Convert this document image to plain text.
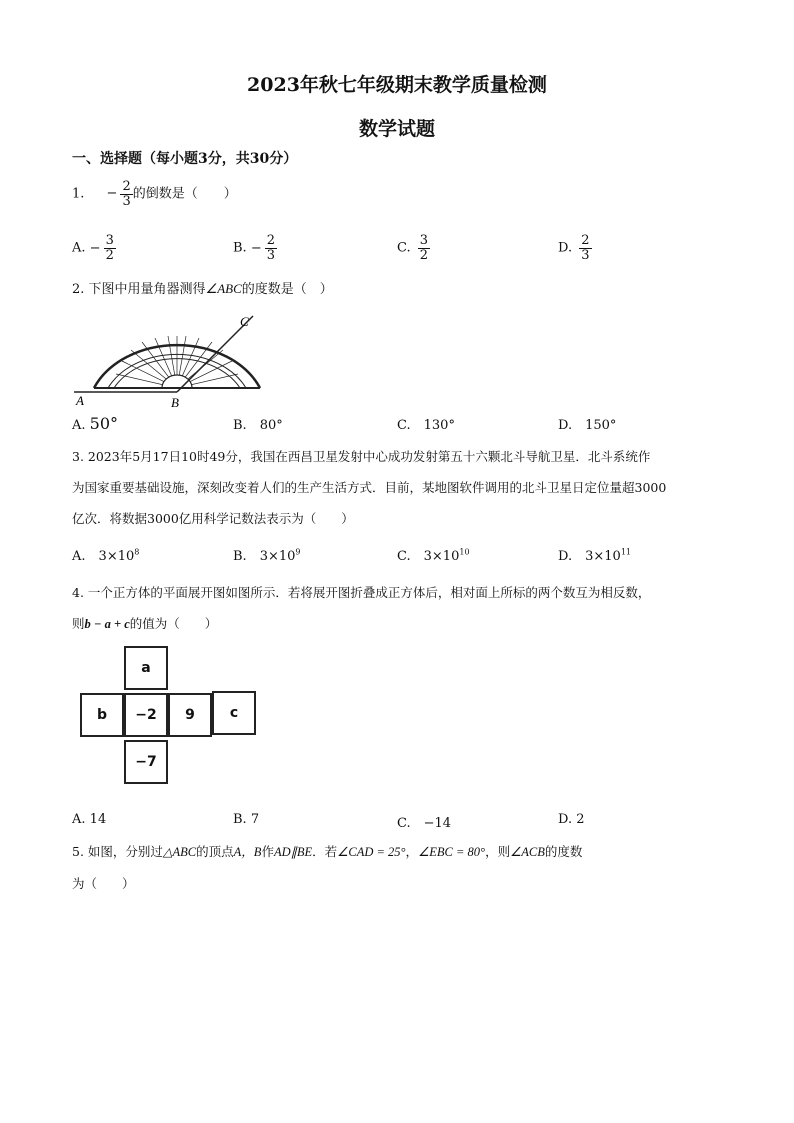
2023年秋七年级期末教学质量检测
数学试题
一、选择题（每小题3分，共30分）
1. − $\frac{2}{3}$ 的倒数是（　　）
A. − $\frac{3}{2}$	B. − $\frac{2}{3}$	C. $\frac{3}{2}$	D. $\frac{2}{3}$
2. 下图中用量角器测得∠ABC的度数是（　）
A	B
C
A. 50°	B.　 80°	C.　 130°	D.　 150°
3. 2023年5月17日10时49分，我国在西昌卫星发射中心成功发射第五十六颗北斗导航卫星．北斗系统作
为国家重要基础设施，深刻改变着人们的生产生活方式．目前，某地图软件调用的北斗卫星日定位量超3000
亿次．将数据3000亿用科学记数法表示为（　　）
A.　 $3\times 10^8$	B.　 $3\times 10^9$	C.　 $3\times 10^{10}$	D.　 $3\times 10^{11}$
4. 一个正方体的平面展开图如图所示．若将展开图折叠成正方体后，相对面上所标的两个数互为相反数，
则b − a + c的值为（　　）
a
b	−2	9	c
−7
A. 14	B. 7	C.　 −14	D. 2
5. 如图，分别过△ABC的顶点A，B作AD∥BE．若∠CAD = 25°，∠EBC = 80°，则∠ACB的度数
为（　　）
